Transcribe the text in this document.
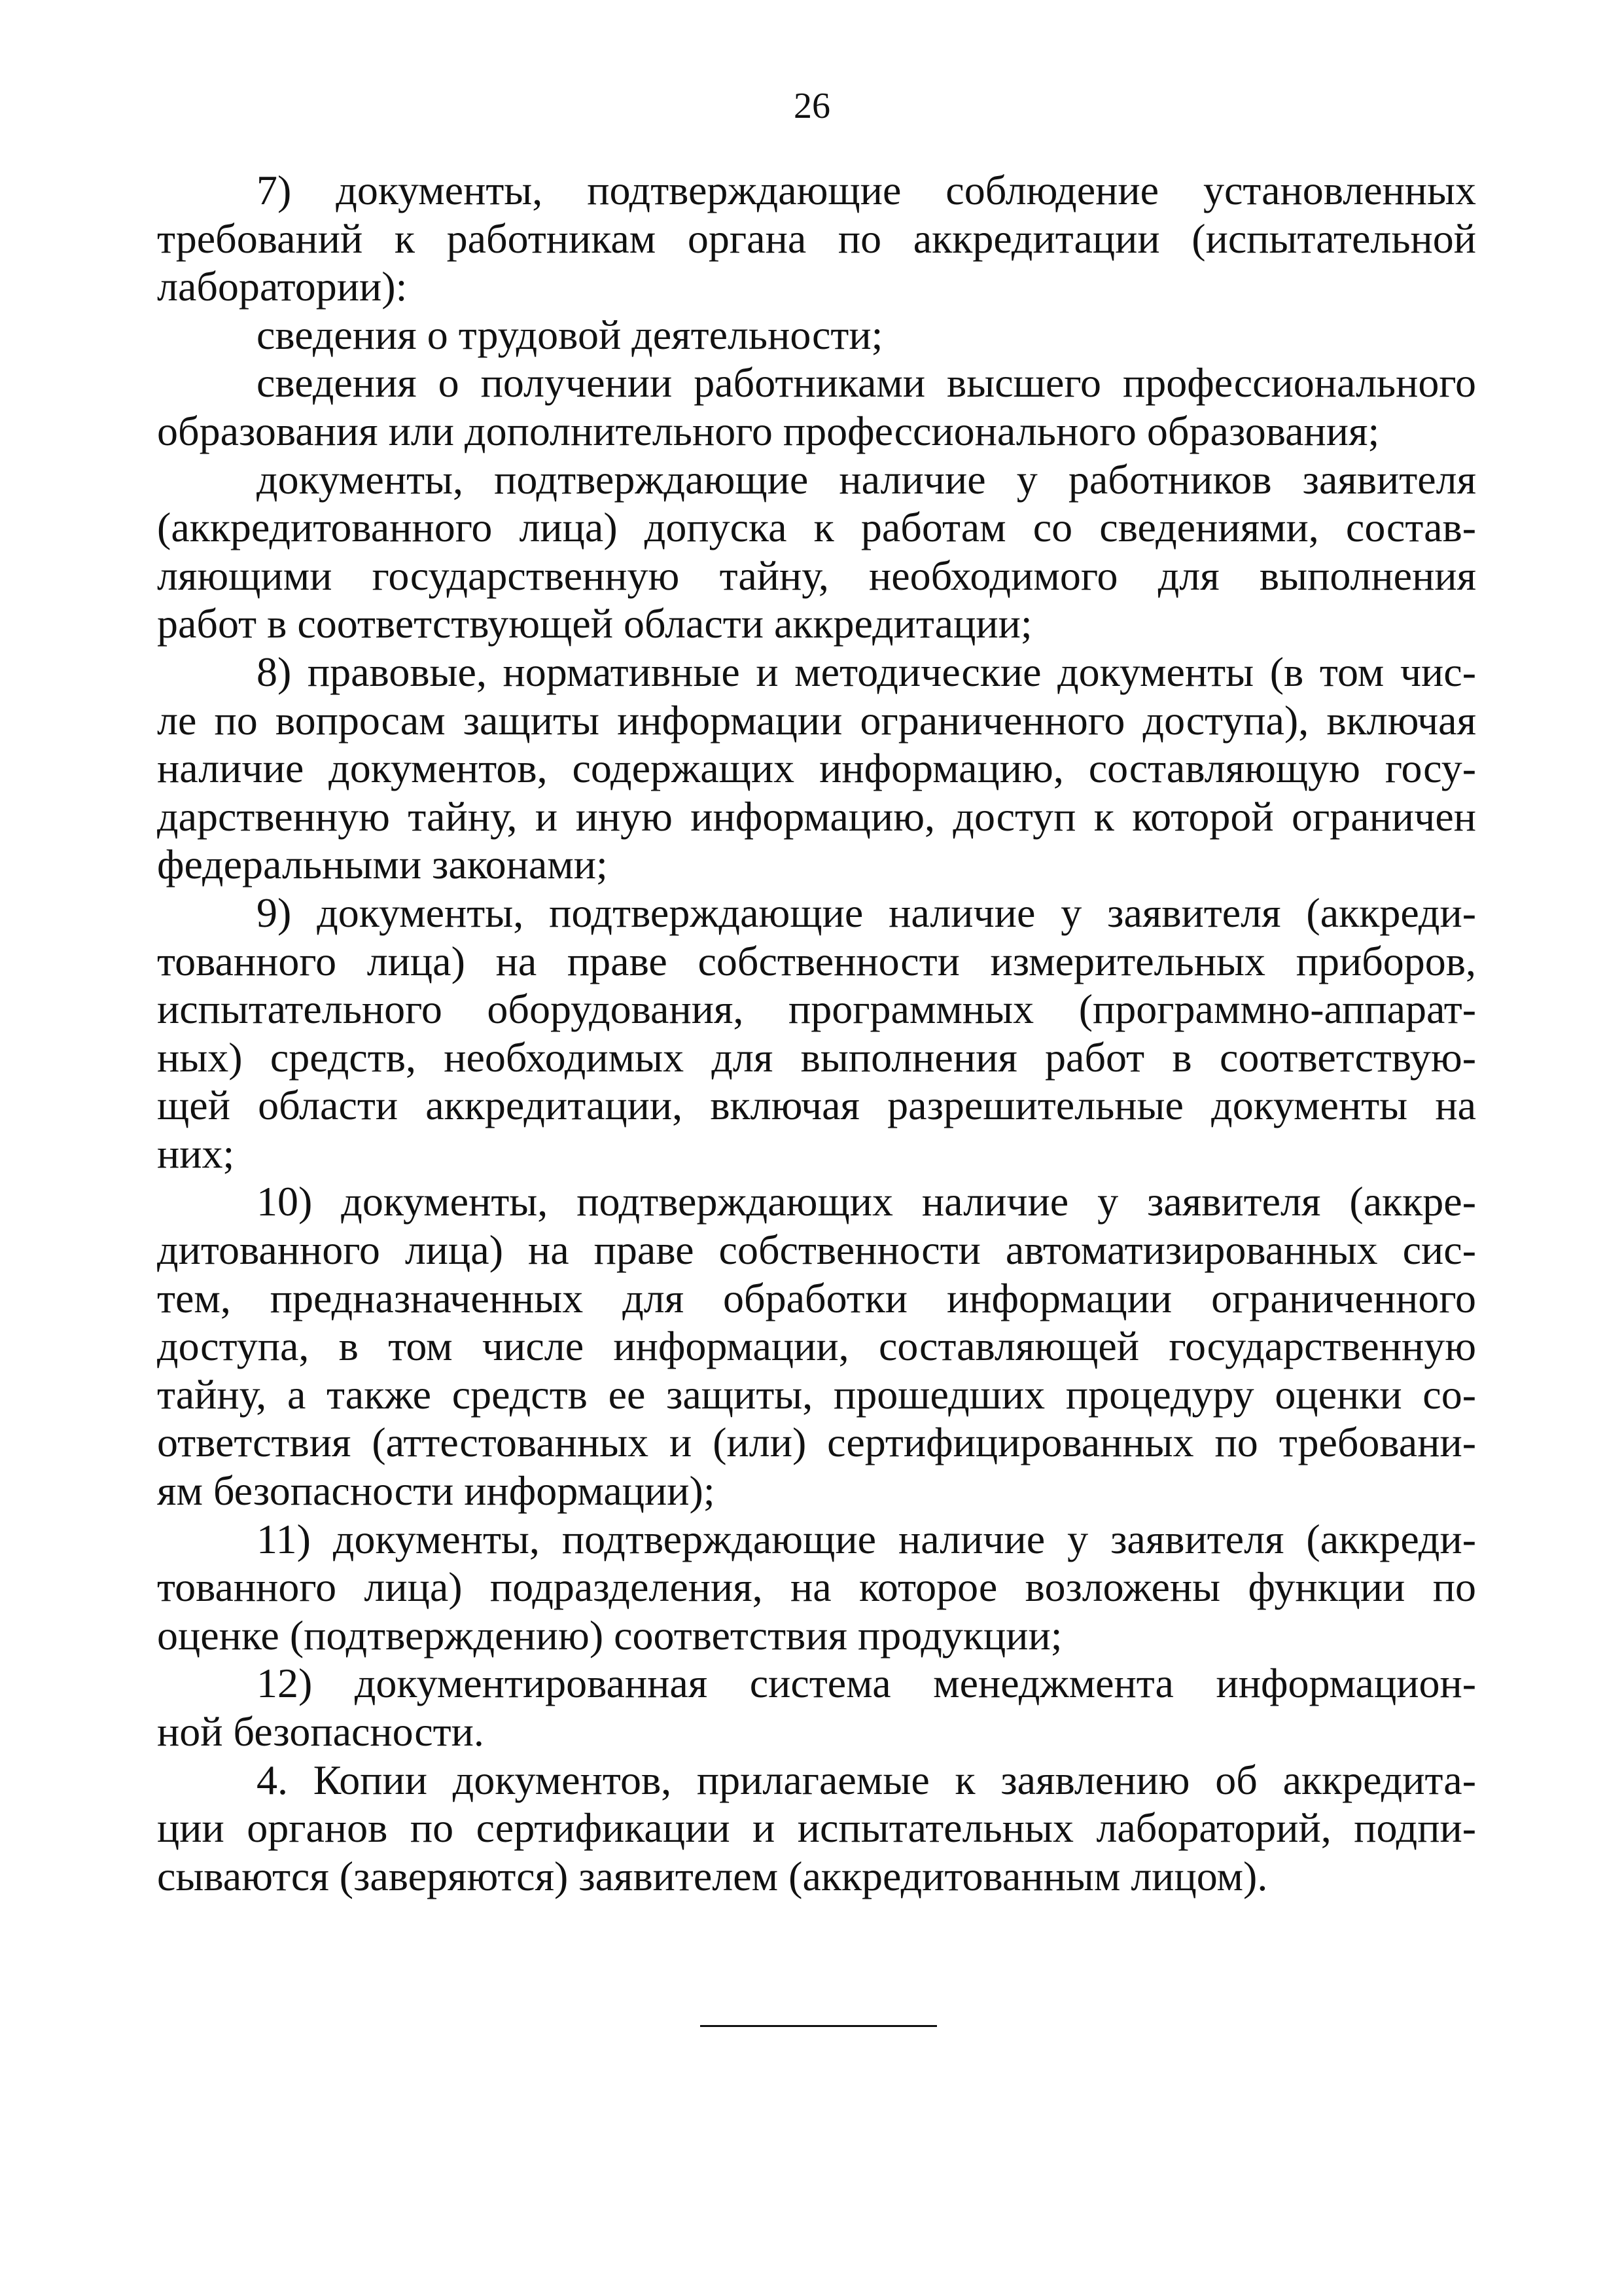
26
7) документы, подтверждающие соблюдение установленных
требований к работникам органа по аккредитации (испытательной
лаборатории):
сведения о трудовой деятельности;
сведения о получении работниками высшего профессионального
образования или дополнительного профессионального образования;
документы, подтверждающие наличие у работников заявителя
(аккредитованного лица) допуска к работам со сведениями, состав-
ляющими государственную тайну, необходимого для выполнения
работ в соответствующей области аккредитации;
8) правовые, нормативные и методические документы (в том чис-
ле по вопросам защиты информации ограниченного доступа), включая
наличие документов, содержащих информацию, составляющую госу-
дарственную тайну, и иную информацию, доступ к которой ограничен
федеральными законами;
9) документы, подтверждающие наличие у заявителя (аккреди-
тованного лица) на праве собственности измерительных приборов,
испытательного оборудования, программных (программно-аппарат-
ных) средств, необходимых для выполнения работ в соответствую-
щей области аккредитации, включая разрешительные документы на
них;
10) документы, подтверждающих наличие у заявителя (аккре-
дитованного лица) на праве собственности автоматизированных сис-
тем, предназначенных для обработки информации ограниченного
доступа, в том числе информации, составляющей государственную
тайну, а также средств ее защиты, прошедших процедуру оценки со-
ответствия (аттестованных и (или) сертифицированных по требовани-
ям безопасности информации);
11) документы, подтверждающие наличие у заявителя (аккреди-
тованного лица) подразделения, на которое возложены функции по
оценке (подтверждению) соответствия продукции;
12) документированная система менеджмента информацион-
ной безопасности.
4. Копии документов, прилагаемые к заявлению об аккредита-
ции органов по сертификации и испытательных лабораторий, подпи-
сываются (заверяются) заявителем (аккредитованным лицом).
